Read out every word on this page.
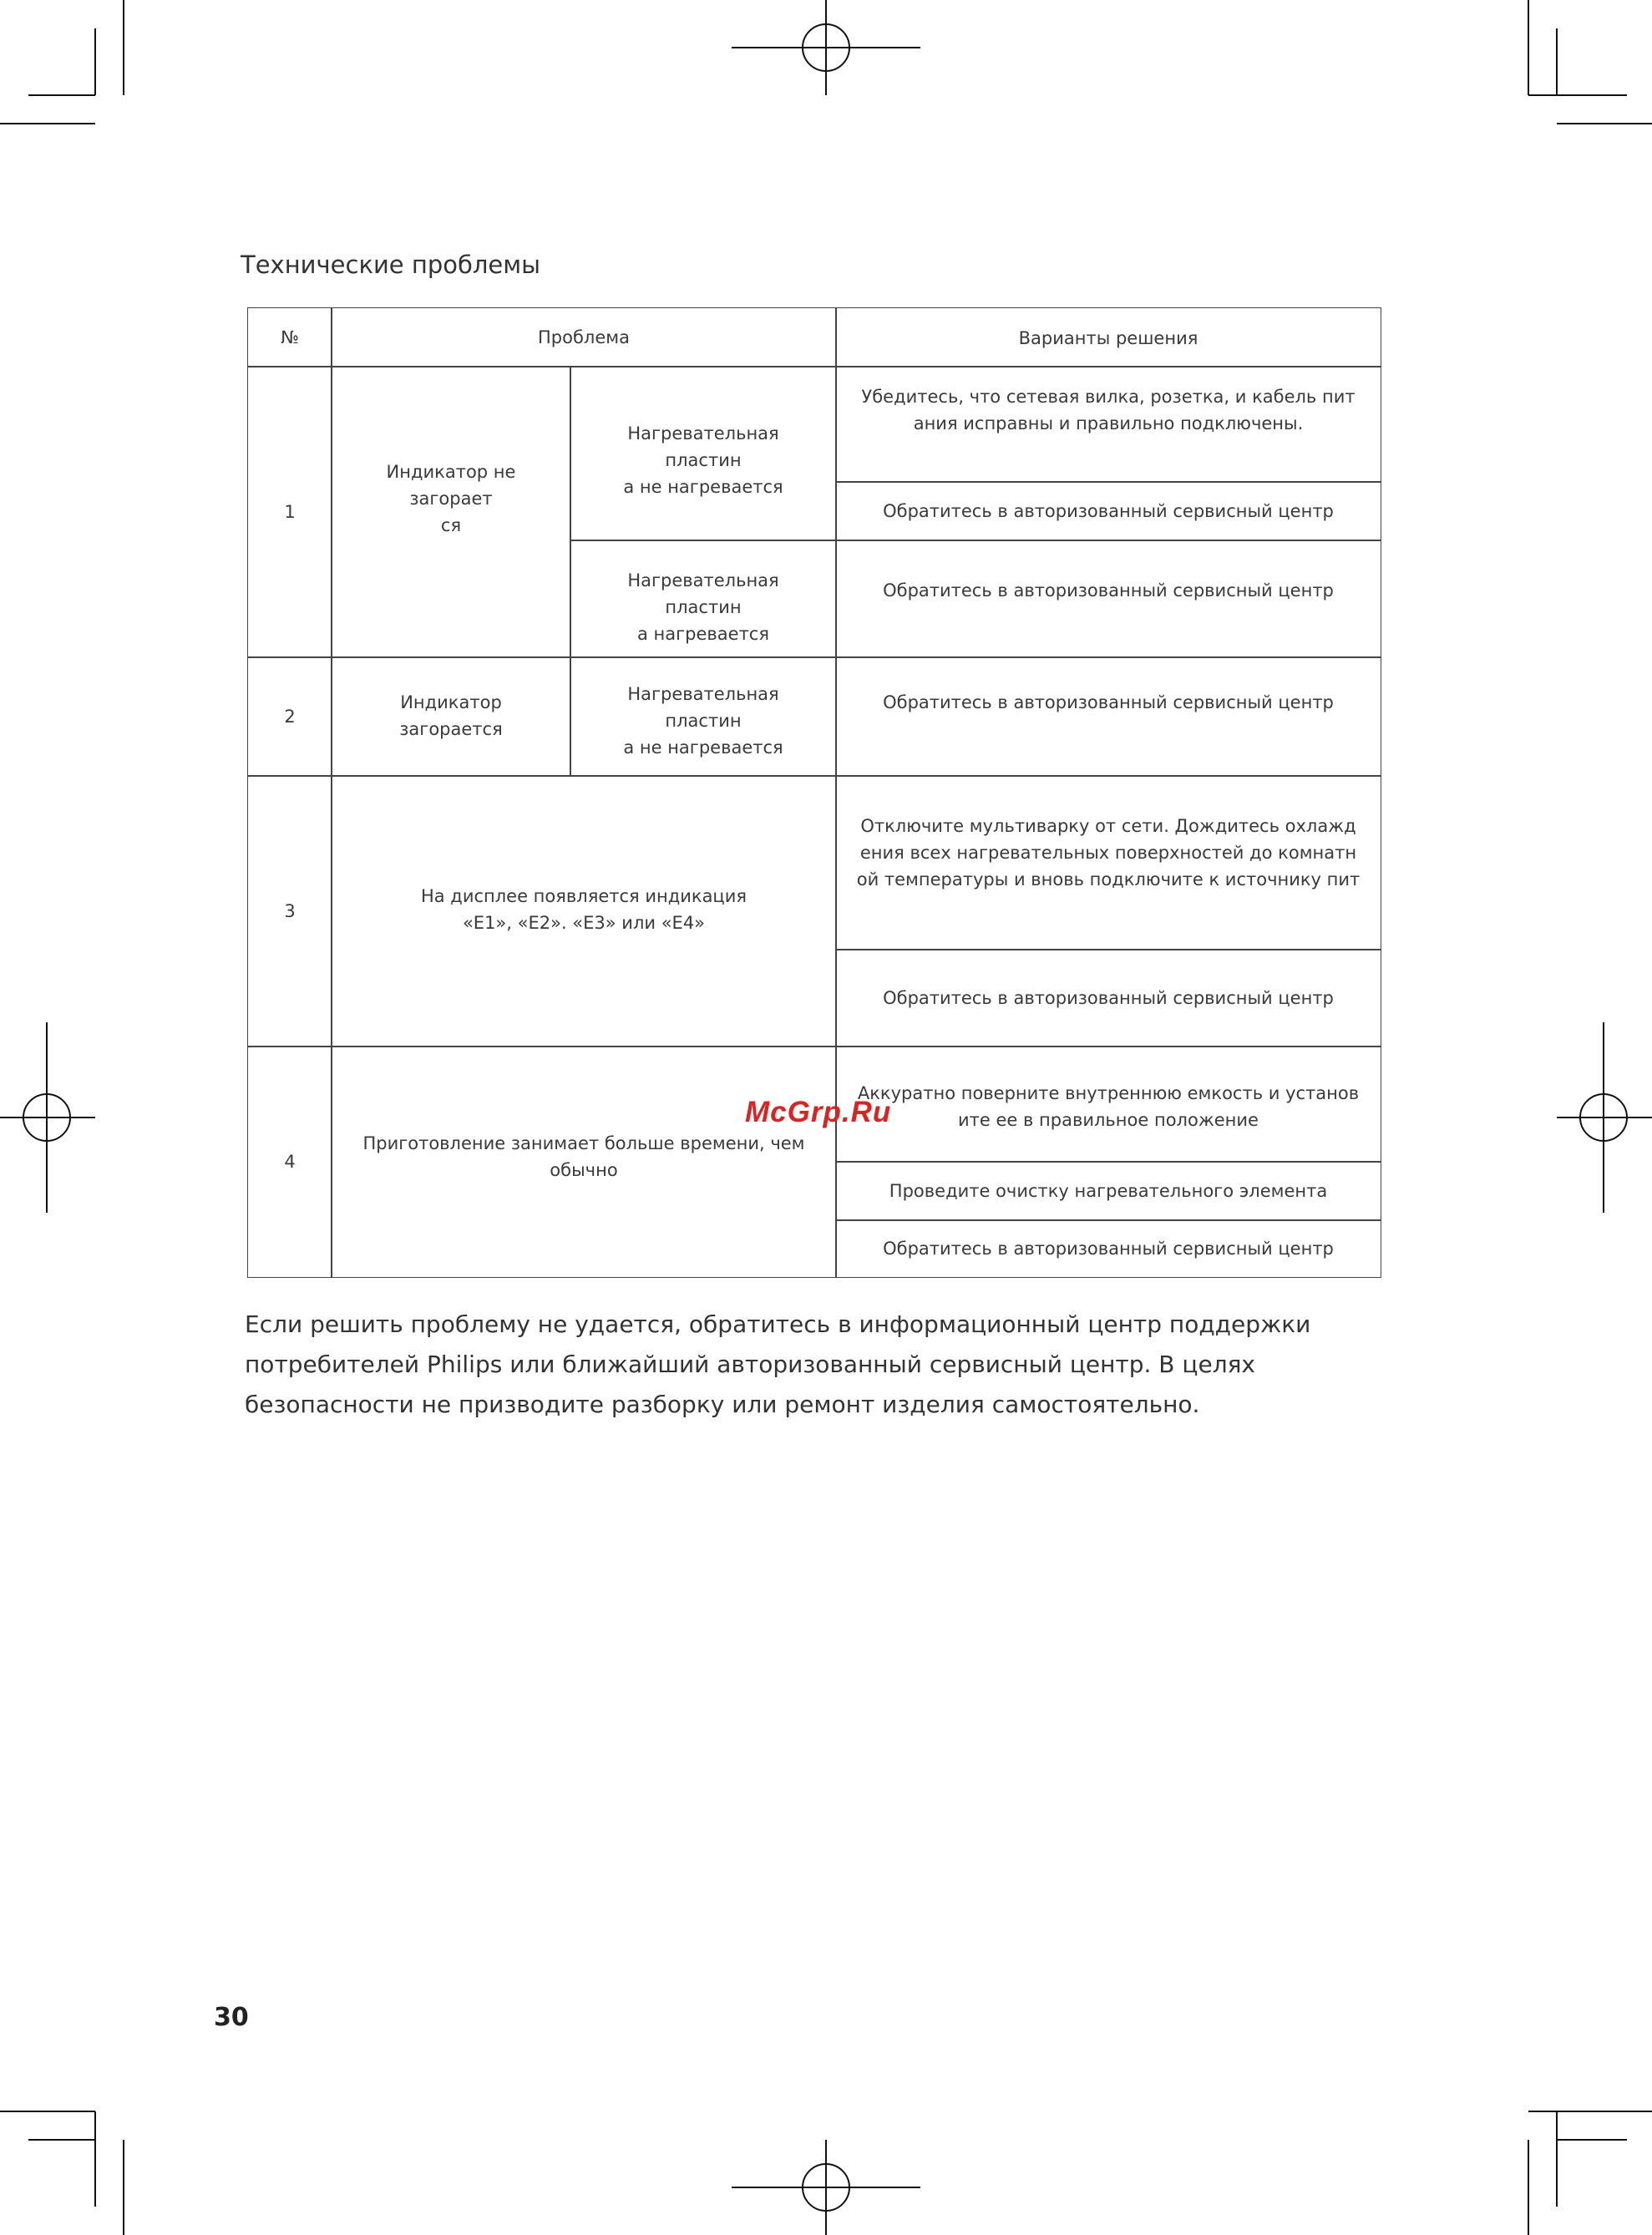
Технические проблемы
№	Проблема	Варианты решения
1
Индикатор не загорает
ся
Нагревательная пластин
а не нагревается
Убедитесь, что сетевая вилка, розетка, и кабель пит
ания исправны и правильно подключены.
Обратитесь в авторизованный сервисный центр
Нагревательная пластин
а нагревается
Обратитесь в авторизованный сервисный центр
2
Индикатор
загорается
Нагревательная пластин
а не нагревается
Обратитесь в авторизованный сервисный центр
3
На дисплее появляется индикация
«E1», «E2». «E3» или «E4»
Отключите мультиварку от сети. Дождитесь охлажд
ения всех нагревательных поверхностей до комнатн
ой температуры и вновь подключите к источнику пит
Обратитесь в авторизованный сервисный центр
4
Приготовление занимает больше времени, чем
обычно
Аккуратно поверните внутреннюю емкость и установ
ите ее в правильное положение
Проведите очистку нагревательного элемента
Обратитесь в авторизованный сервисный центр
Если решить проблему не удается, обратитесь в информационный центр поддержки потребителей Philips или ближайший авторизованный сервисный центр. В целях безопасности не призводите разборку или ремонт изделия самостоятельно.
McGrp.Ru
30
